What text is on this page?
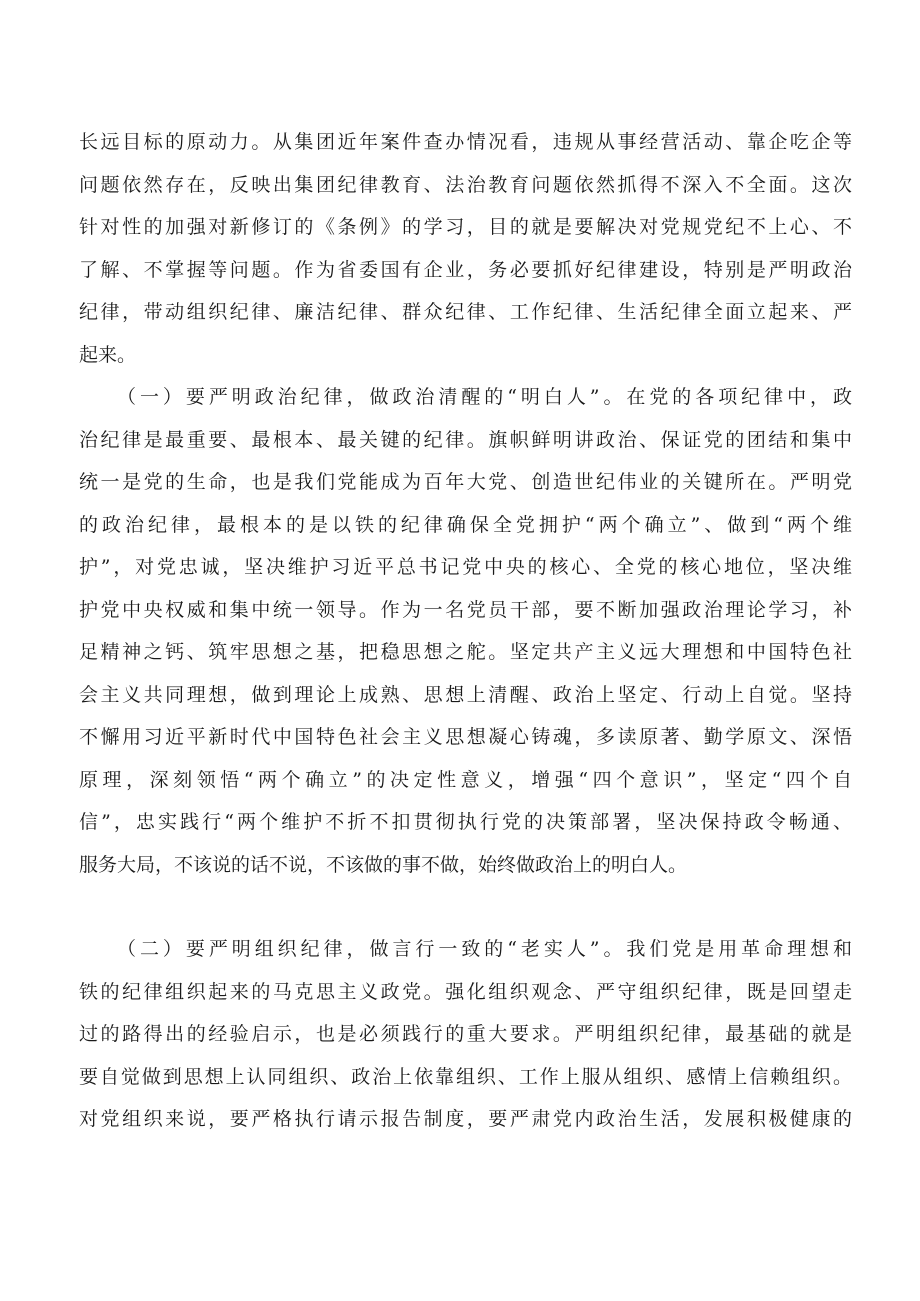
长远目标的原动力。从集团近年案件查办情况看，违规从事经营活动、靠企吃企等
问题依然存在，反映出集团纪律教育、法治教育问题依然抓得不深入不全面。这次
针对性的加强对新修订的《条例》的学习，目的就是要解决对党规党纪不上心、不
了解、不掌握等问题。作为省委国有企业，务必要抓好纪律建设，特别是严明政治
纪律，带动组织纪律、廉洁纪律、群众纪律、工作纪律、生活纪律全面立起来、严
起来。
（一）要严明政治纪律，做政治清醒的“明白人”。在党的各项纪律中，政
治纪律是最重要、最根本、最关键的纪律。旗帜鲜明讲政治、保证党的团结和集中
统一是党的生命，也是我们党能成为百年大党、创造世纪伟业的关键所在。严明党
的政治纪律，最根本的是以铁的纪律确保全党拥护“两个确立”、做到“两个维
护”，对党忠诚，坚决维护习近平总书记党中央的核心、全党的核心地位，坚决维
护党中央权威和集中统一领导。作为一名党员干部，要不断加强政治理论学习，补
足精神之钙、筑牢思想之基，把稳思想之舵。坚定共产主义远大理想和中国特色社
会主义共同理想，做到理论上成熟、思想上清醒、政治上坚定、行动上自觉。坚持
不懈用习近平新时代中国特色社会主义思想凝心铸魂，多读原著、勤学原文、深悟
原理，深刻领悟“两个确立”的决定性意义，增强“四个意识”，坚定“四个自
信”，忠实践行“两个维护不折不扣贯彻执行党的决策部署，坚决保持政令畅通、
服务大局，不该说的话不说，不该做的事不做，始终做政治上的明白人。
（二）要严明组织纪律，做言行一致的“老实人”。我们党是用革命理想和
铁的纪律组织起来的马克思主义政党。强化组织观念、严守组织纪律，既是回望走
过的路得出的经验启示，也是必须践行的重大要求。严明组织纪律，最基础的就是
要自觉做到思想上认同组织、政治上依靠组织、工作上服从组织、感情上信赖组织。
对党组织来说，要严格执行请示报告制度，要严肃党内政治生活，发展积极健康的
